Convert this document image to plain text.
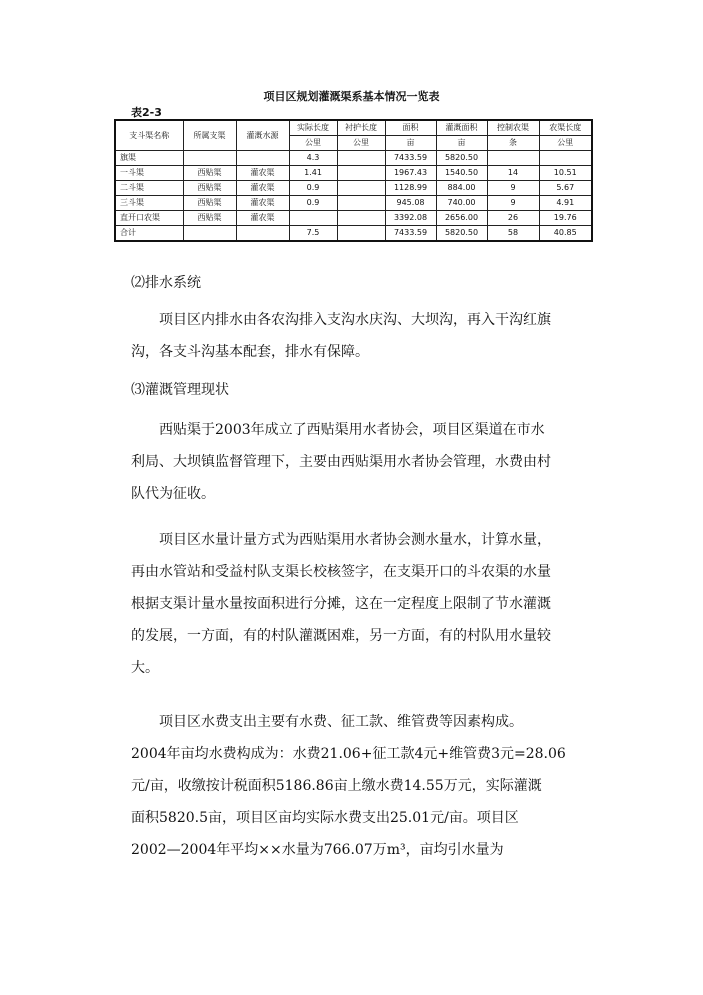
项目区规划灌溉渠系基本情况一览表
表2-3
支斗渠名称	所属支渠	灌溉水源	实际长度	衬护长度	面积	灌溉面积	控制农渠	农渠长度
			公里	公里	亩	亩	条	公里
旗渠			4.3		7433.59	5820.50		
一斗渠	西贴渠	灌农渠	1.41		1967.43	1540.50	14	10.51
二斗渠	西贴渠	灌农渠	0.9		1128.99	884.00	9	5.67
三斗渠	西贴渠	灌农渠	0.9		945.08	740.00	9	4.91
直开口农渠	西贴渠	灌农渠			3392.08	2656.00	26	19.76
合计			7.5		7433.59	5820.50	58	40.85
⑵排水系统
项目区内排水由各农沟排入支沟水庆沟、大坝沟，再入干沟红旗
沟，各支斗沟基本配套，排水有保障。
⑶灌溉管理现状
西贴渠于2003年成立了西贴渠用水者协会，项目区渠道在市水
利局、大坝镇监督管理下，主要由西贴渠用水者协会管理，水费由村
队代为征收。
项目区水量计量方式为西贴渠用水者协会测水量水，计算水量，
再由水管站和受益村队支渠长校核签字，在支渠开口的斗农渠的水量
根据支渠计量水量按面积进行分摊，这在一定程度上限制了节水灌溉
的发展，一方面，有的村队灌溉困难，另一方面，有的村队用水量较
大。
项目区水费支出主要有水费、征工款、维管费等因素构成。
2004年亩均水费构成为：水费21.06+征工款4元+维管费3元=28.06
元/亩，收缴按计税面积5186.86亩上缴水费14.55万元，实际灌溉
面积5820.5亩，项目区亩均实际水费支出25.01元/亩。项目区
2002—2004年平均××水量为766.07万m³，亩均引水量为
